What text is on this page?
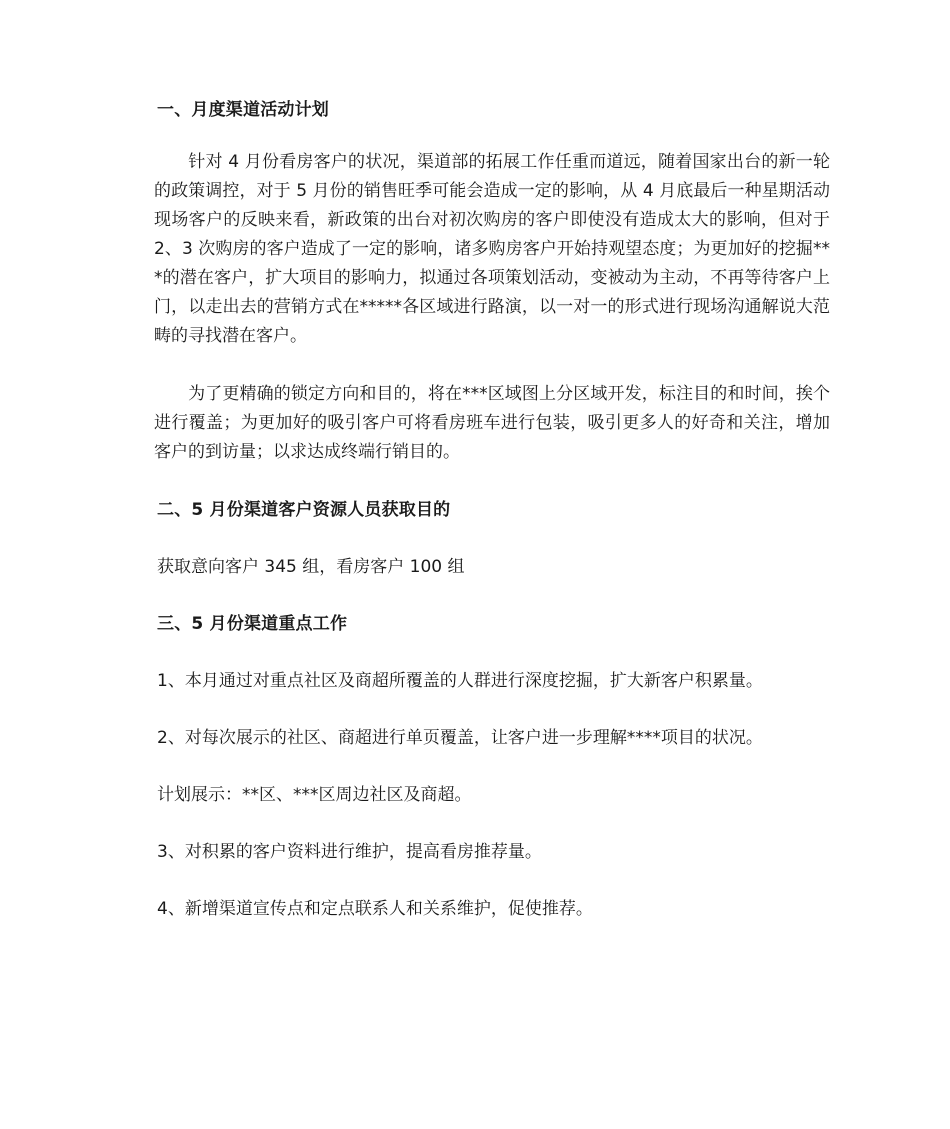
一、月度渠道活动计划

针对 4 月份看房客户的状况，渠道部的拓展工作任重而道远，随着国家出台的新一轮的政策调控，对于 5 月份的销售旺季可能会造成一定的影响，从 4 月底最后一种星期活动现场客户的反映来看，新政策的出台对初次购房的客户即使没有造成太大的影响，但对于 2、3 次购房的客户造成了一定的影响，诸多购房客户开始持观望态度；为更加好的挖掘***的潜在客户，扩大项目的影响力，拟通过各项策划活动，变被动为主动，不再等待客户上门，以走出去的营销方式在*****各区域进行路演，以一对一的形式进行现场沟通解说大范畴的寻找潜在客户。

为了更精确的锁定方向和目的，将在***区域图上分区域开发，标注目的和时间，挨个进行覆盖；为更加好的吸引客户可将看房班车进行包装，吸引更多人的好奇和关注，增加客户的到访量；以求达成终端行销目的。

二、5 月份渠道客户资源人员获取目的

获取意向客户 345 组，看房客户 100 组

三、5 月份渠道重点工作

1、本月通过对重点社区及商超所覆盖的人群进行深度挖掘，扩大新客户积累量。

2、对每次展示的社区、商超进行单页覆盖，让客户进一步理解****项目的状况。

计划展示：**区、***区周边社区及商超。

3、对积累的客户资料进行维护，提高看房推荐量。

4、新增渠道宣传点和定点联系人和关系维护，促使推荐。
